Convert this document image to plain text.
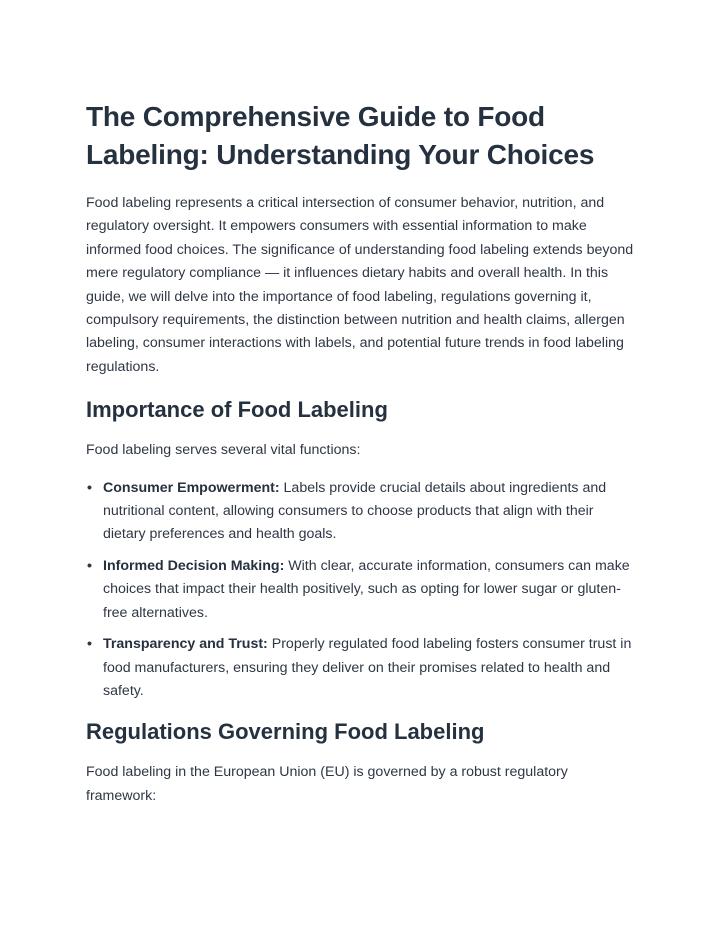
The Comprehensive Guide to Food Labeling: Understanding Your Choices

Food labeling represents a critical intersection of consumer behavior, nutrition, and regulatory oversight. It empowers consumers with essential information to make informed food choices. The significance of understanding food labeling extends beyond mere regulatory compliance — it influences dietary habits and overall health. In this guide, we will delve into the importance of food labeling, regulations governing it, compulsory requirements, the distinction between nutrition and health claims, allergen labeling, consumer interactions with labels, and potential future trends in food labeling regulations.

Importance of Food Labeling

Food labeling serves several vital functions:

• Consumer Empowerment: Labels provide crucial details about ingredients and nutritional content, allowing consumers to choose products that align with their dietary preferences and health goals.
• Informed Decision Making: With clear, accurate information, consumers can make choices that impact their health positively, such as opting for lower sugar or gluten-free alternatives.
• Transparency and Trust: Properly regulated food labeling fosters consumer trust in food manufacturers, ensuring they deliver on their promises related to health and safety.
Regulations Governing Food Labeling

Food labeling in the European Union (EU) is governed by a robust regulatory framework:
